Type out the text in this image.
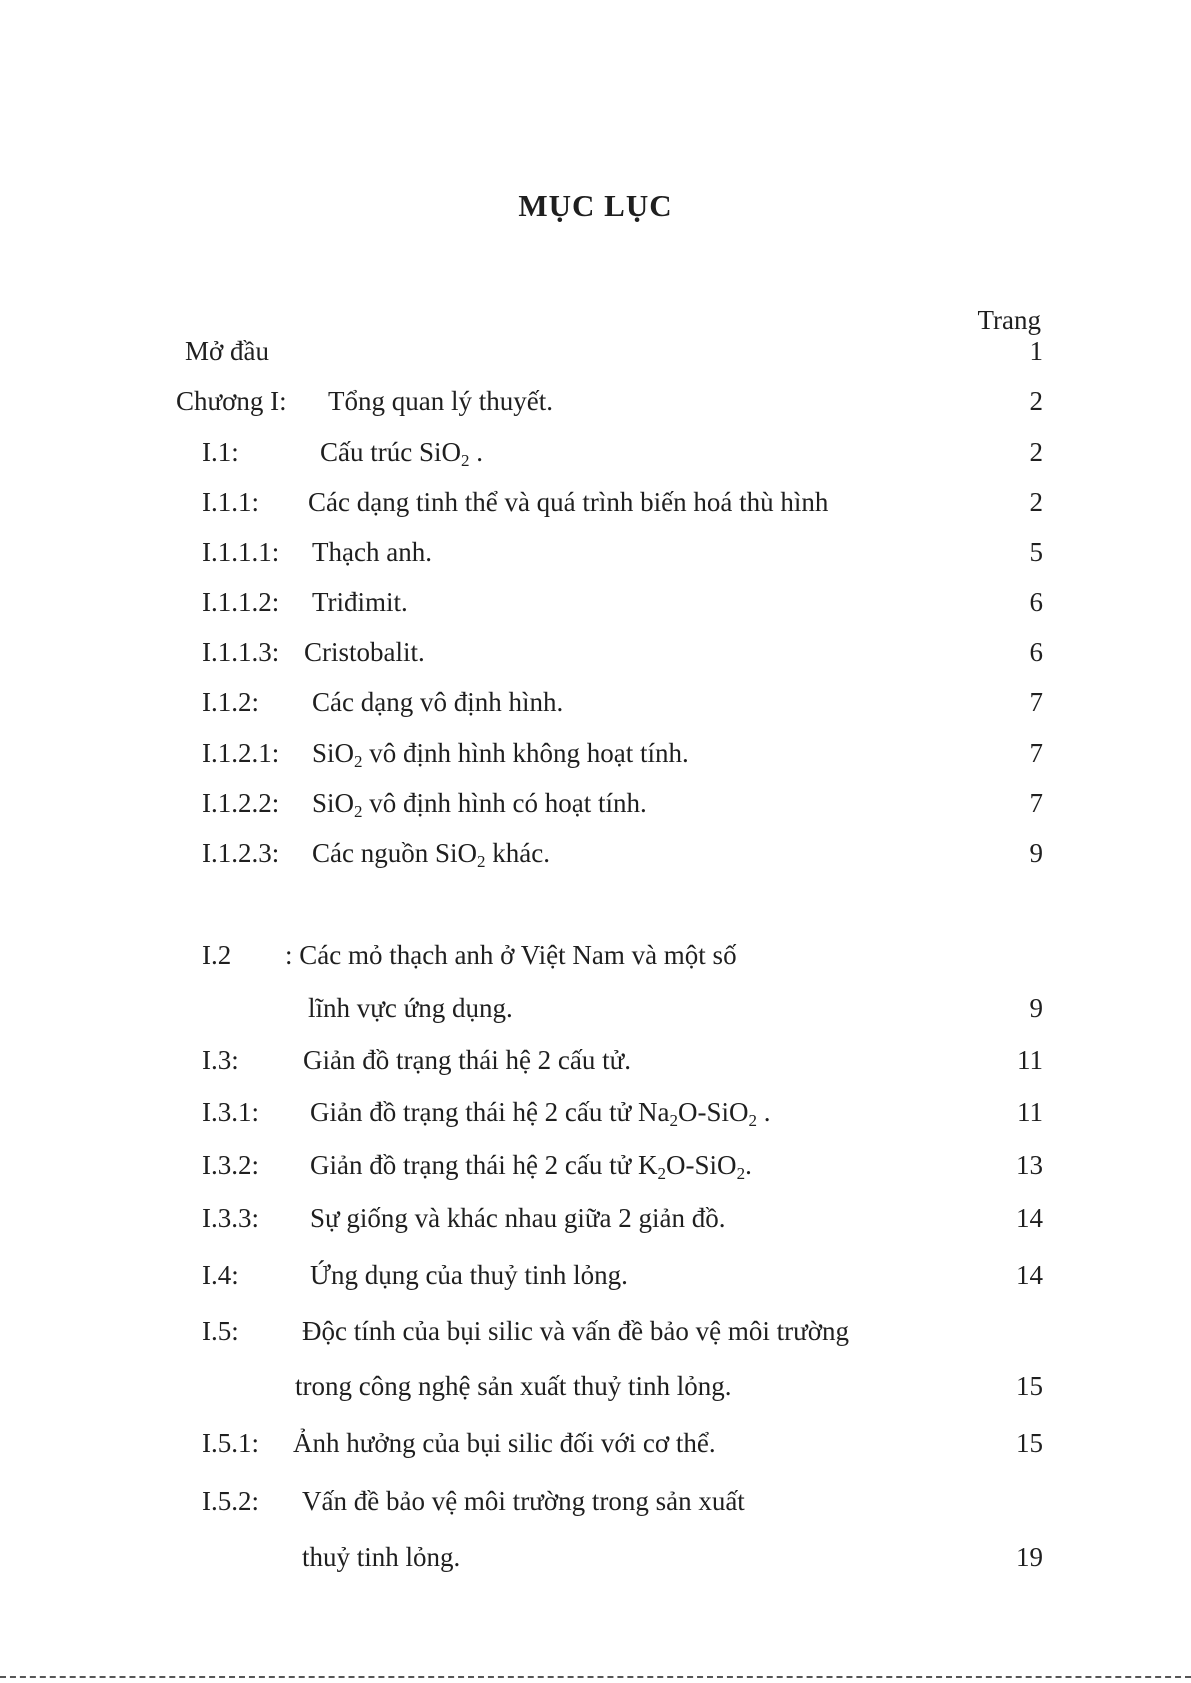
MỤC LỤC
Trang
Mở đầu	1
Chương I: Tổng quan lý thuyết.	2
I.1:	Cấu trúc SiO$_2$ .	2
I.1.1: Các dạng tinh thể và quá trình biến hoá thù hình	2
I.1.1.1: Thạch anh.	5
I.1.1.2: Triđimit.	6
I.1.1.3: Cristobalit.	6
I.1.2: Các dạng vô định hình.	7
I.1.2.1: SiO$_2$ vô định hình không hoạt tính.	7
I.1.2.2: SiO$_2$ vô định hình có hoạt tính.	7
I.1.2.3: Các nguồn SiO$_2$ khác.	9
I.2 : Các mỏ thạch anh ở Việt Nam và một số
lĩnh vực ứng dụng.	9
I.3: Giản đồ trạng thái hệ 2 cấu tử.	11
I.3.1: Giản đồ trạng thái hệ 2 cấu tử $Na_2O-SiO_2$ .	11
I.3.2: Giản đồ trạng thái hệ 2 cấu tử $K_2O-SiO_2$.	13
I.3.3: Sự giống và khác nhau giữa 2 giản đồ.	14
I.4:	Ứng dụng của thuỷ tinh lỏng.	14
I.5: Độc tính của bụi silic và vấn đề bảo vệ môi trường
trong công nghệ sản xuất thuỷ tinh lỏng.	15
I.5.1: Ảnh hưởng của bụi silic đối với cơ thể.	15
I.5.2: Vấn đề bảo vệ môi trường trong sản xuất
thuỷ tinh lỏng.	19
